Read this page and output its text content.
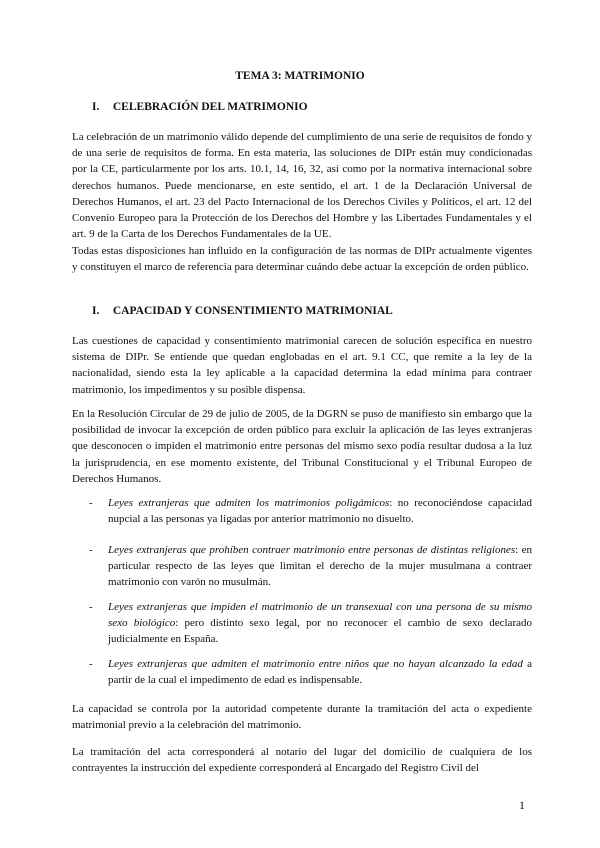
TEMA 3: MATRIMONIO
I. CELEBRACIÓN DEL MATRIMONIO

La celebración de un matrimonio válido depende del cumplimiento de una serie de requisitos de fondo y de una serie de requisitos de forma. En esta materia, las soluciones de DIPr están muy condicionadas por la CE, particularmente por los arts. 10.1, 14, 16, 32, así como por la normativa internacional sobre derechos humanos. Puede mencionarse, en este sentido, el art. 1 de la Declaración Universal de Derechos Humanos, el art. 23 del Pacto Internacional de los Derechos Civiles y Políticos, el art. 12 del Convenio Europeo para la Protección de los Derechos del Hombre y las Libertades Fundamentales y el art. 9 de la Carta de los Derechos Fundamentales de la UE.

Todas estas disposiciones han influido en la configuración de las normas de DIPr actualmente vigentes y constituyen el marco de referencia para determinar cuándo debe actuar la excepción de orden público.

I. CAPACIDAD Y CONSENTIMIENTO MATRIMONIAL

Las cuestiones de capacidad y consentimiento matrimonial carecen de solución específica en nuestro sistema de DIPr. Se entiende que quedan englobadas en el art. 9.1 CC, que remite a la ley de la nacionalidad, siendo esta la ley aplicable a la capacidad determina la edad mínima para contraer matrimonio, los impedimentos y su posible dispensa.

En la Resolución Circular de 29 de julio de 2005, de la DGRN se puso de manifiesto sin embargo que la posibilidad de invocar la excepción de orden público para excluir la aplicación de las leyes extranjeras que desconocen o impiden el matrimonio entre personas del mismo sexo podía resultar dudosa a la luz la jurisprudencia, en ese momento existente, del Tribunal Constitucional y el Tribunal Europeo de Derechos Humanos.

- Leyes extranjeras que admiten los matrimonios poligámicos: no reconociéndose capacidad nupcial a las personas ya ligadas por anterior matrimonio no disuelto.
- Leyes extranjeras que prohíben contraer matrimonio entre personas de distintas religiones: en particular respecto de las leyes que limitan el derecho de la mujer musulmana a contraer matrimonio con varón no musulmán.
- Leyes extranjeras que impiden el matrimonio de un transexual con una persona de su mismo sexo biológico: pero distinto sexo legal, por no reconocer el cambio de sexo declarado judicialmente en España.
- Leyes extranjeras que admiten el matrimonio entre niños que no hayan alcanzado la edad a partir de la cual el impedimento de edad es indispensable.

La capacidad se controla por la autoridad competente durante la tramitación del acta o expediente matrimonial previo a la celebración del matrimonio.

La tramitación del acta corresponderá al notario del lugar del domicilio de cualquiera de los contrayentes la instrucción del expediente corresponderá al Encargado del Registro Civil del

1
